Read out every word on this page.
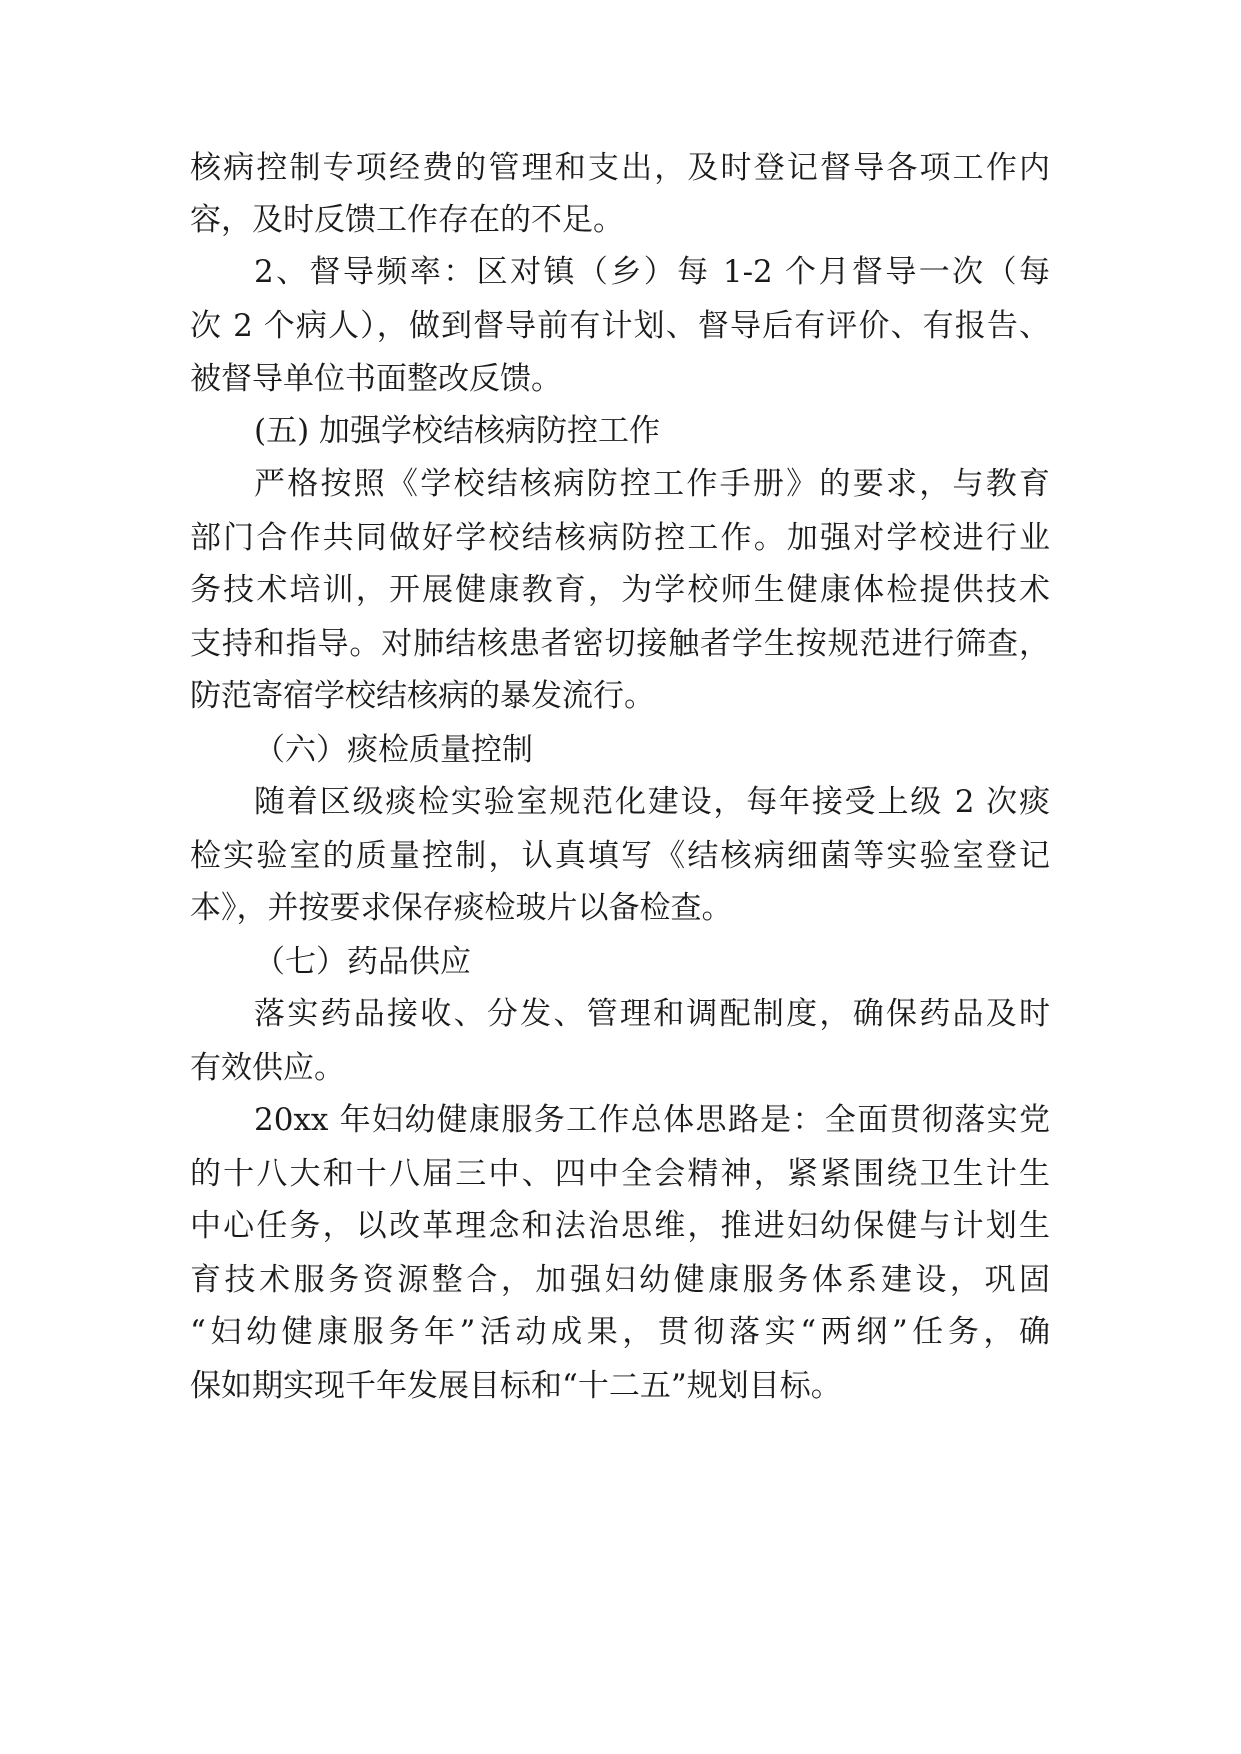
核病控制专项经费的管理和支出，及时登记督导各项工作内
容，及时反馈工作存在的不足。
2、督导频率：区对镇（乡）每 1-2 个月督导一次（每
次 2 个病人），做到督导前有计划、督导后有评价、有报告、
被督导单位书面整改反馈。
(五) 加强学校结核病防控工作
严格按照《学校结核病防控工作手册》的要求，与教育
部门合作共同做好学校结核病防控工作。加强对学校进行业
务技术培训，开展健康教育，为学校师生健康体检提供技术
支持和指导。对肺结核患者密切接触者学生按规范进行筛查，
防范寄宿学校结核病的暴发流行。
（六）痰检质量控制
随着区级痰检实验室规范化建设，每年接受上级 2 次痰
检实验室的质量控制，认真填写《结核病细菌等实验室登记
本》，并按要求保存痰检玻片以备检查。
（七）药品供应
落实药品接收、分发、管理和调配制度，确保药品及时
有效供应。
20xx 年妇幼健康服务工作总体思路是：全面贯彻落实党
的十八大和十八届三中、四中全会精神，紧紧围绕卫生计生
中心任务，以改革理念和法治思维，推进妇幼保健与计划生
育技术服务资源整合，加强妇幼健康服务体系建设，巩固
“妇幼健康服务年”活动成果，贯彻落实“两纲”任务，确
保如期实现千年发展目标和“十二五”规划目标。
